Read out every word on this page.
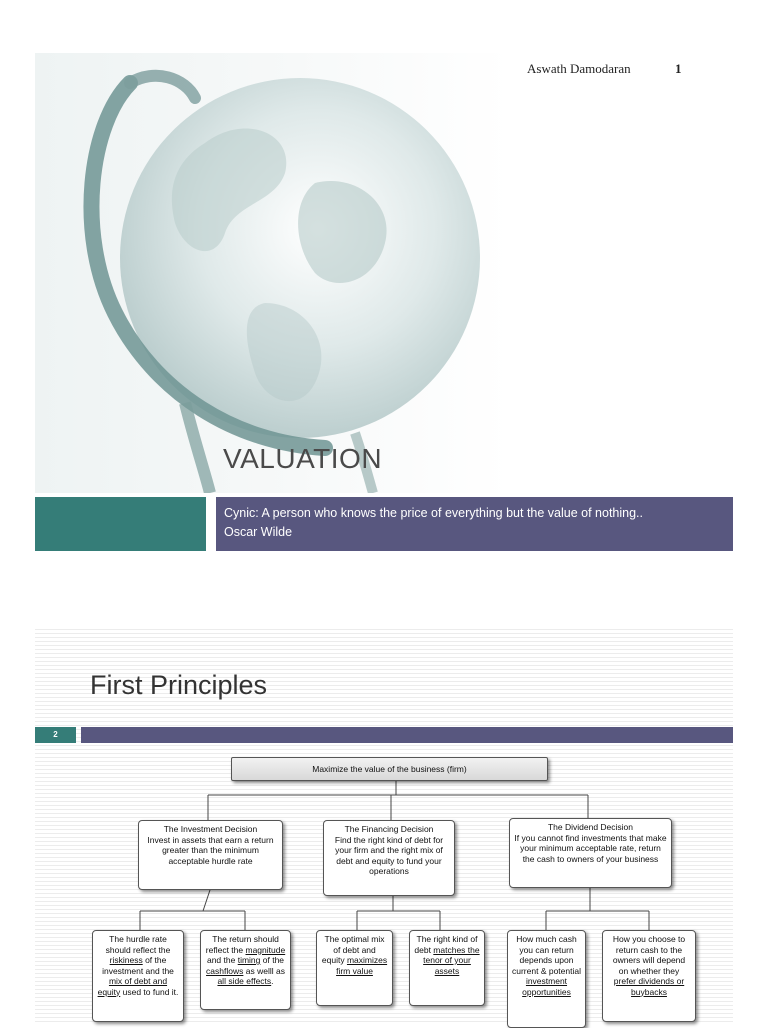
Aswath Damodaran	1
VALUATION
Cynic: A person who knows the price of everything but the value of nothing..
Oscar Wilde
First Principles
2
Maximize the value of the business (firm)
The Investment Decision
Invest in assets that earn a return greater than the minimum acceptable hurdle rate
The Financing Decision
Find the right kind of debt for your firm and the right mix of debt and equity to fund your operations
The Dividend Decision
If you cannot find investments that make your minimum acceptable rate, return the cash to owners of your business
The hurdle rate should reflect the riskiness of the investment and the mix of debt and equity used to fund it.
The return should reflect the magnitude and the timing of the cashflows as welll as all side effects.
The optimal mix of debt and equity maximizes firm value
The right kind of debt matches the tenor of your assets
How much cash you can return depends upon current & potential investment opportunities
How you choose to return cash to the owners will depend on whether they prefer dividends or buybacks
